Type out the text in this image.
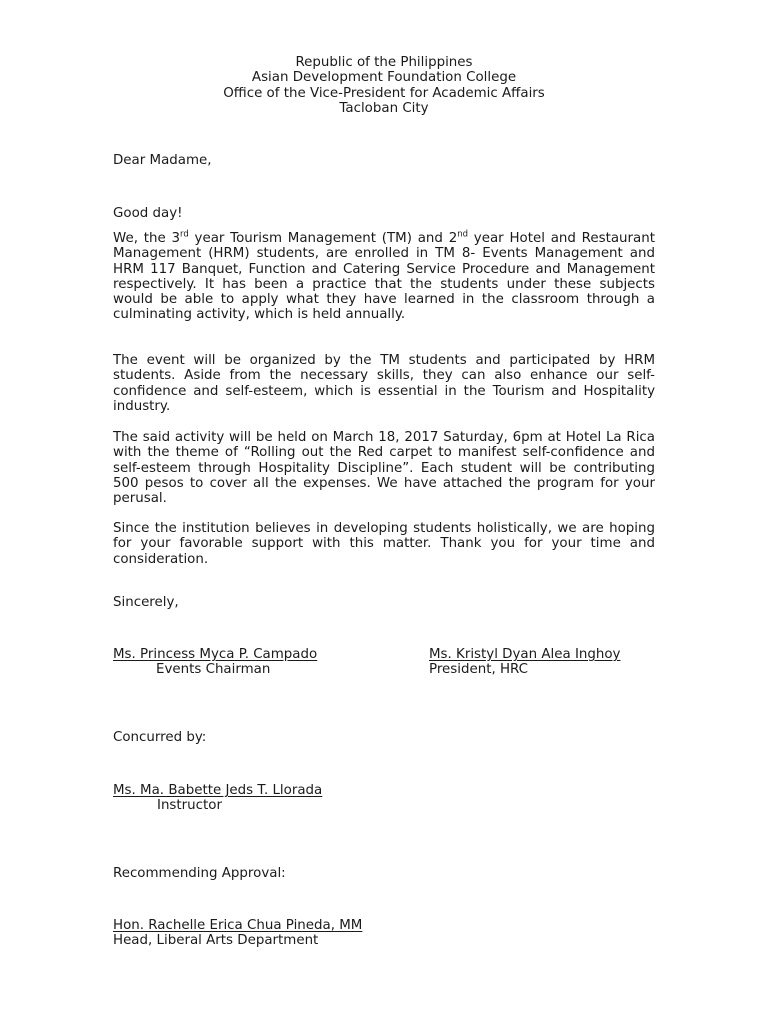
Republic of the Philippines
Asian Development Foundation College
Office of the Vice-President for Academic Affairs
Tacloban City
Dear Madame,
Good day!
We, the 3rd year Tourism Management (TM) and 2nd year Hotel and Restaurant Management (HRM) students, are enrolled in TM 8- Events Management and HRM 117 Banquet, Function and Catering Service Procedure and Management respectively. It has been a practice that the students under these subjects would be able to apply what they have learned in the classroom through a culminating activity, which is held annually.
The event will be organized by the TM students and participated by HRM students. Aside from the necessary skills, they can also enhance our self- confidence and self-esteem, which is essential in the Tourism and Hospitality industry.
The said activity will be held on March 18, 2017 Saturday, 6pm at Hotel La Rica with the theme of “Rolling out the Red carpet to manifest self-confidence and self-esteem through Hospitality Discipline”. Each student will be contributing 500 pesos to cover all the expenses. We have attached the program for your perusal.
Since the institution believes in developing students holistically, we are hoping for your favorable support with this matter. Thank you for your time and consideration.
Sincerely,
Ms. Princess Myca P. Campado
Events Chairman
Ms. Kristyl Dyan Alea Inghoy
President, HRC
Concurred by:
Ms. Ma. Babette Jeds T. Llorada
Instructor
Recommending Approval:
Hon. Rachelle Erica Chua Pineda, MM
Head, Liberal Arts Department
